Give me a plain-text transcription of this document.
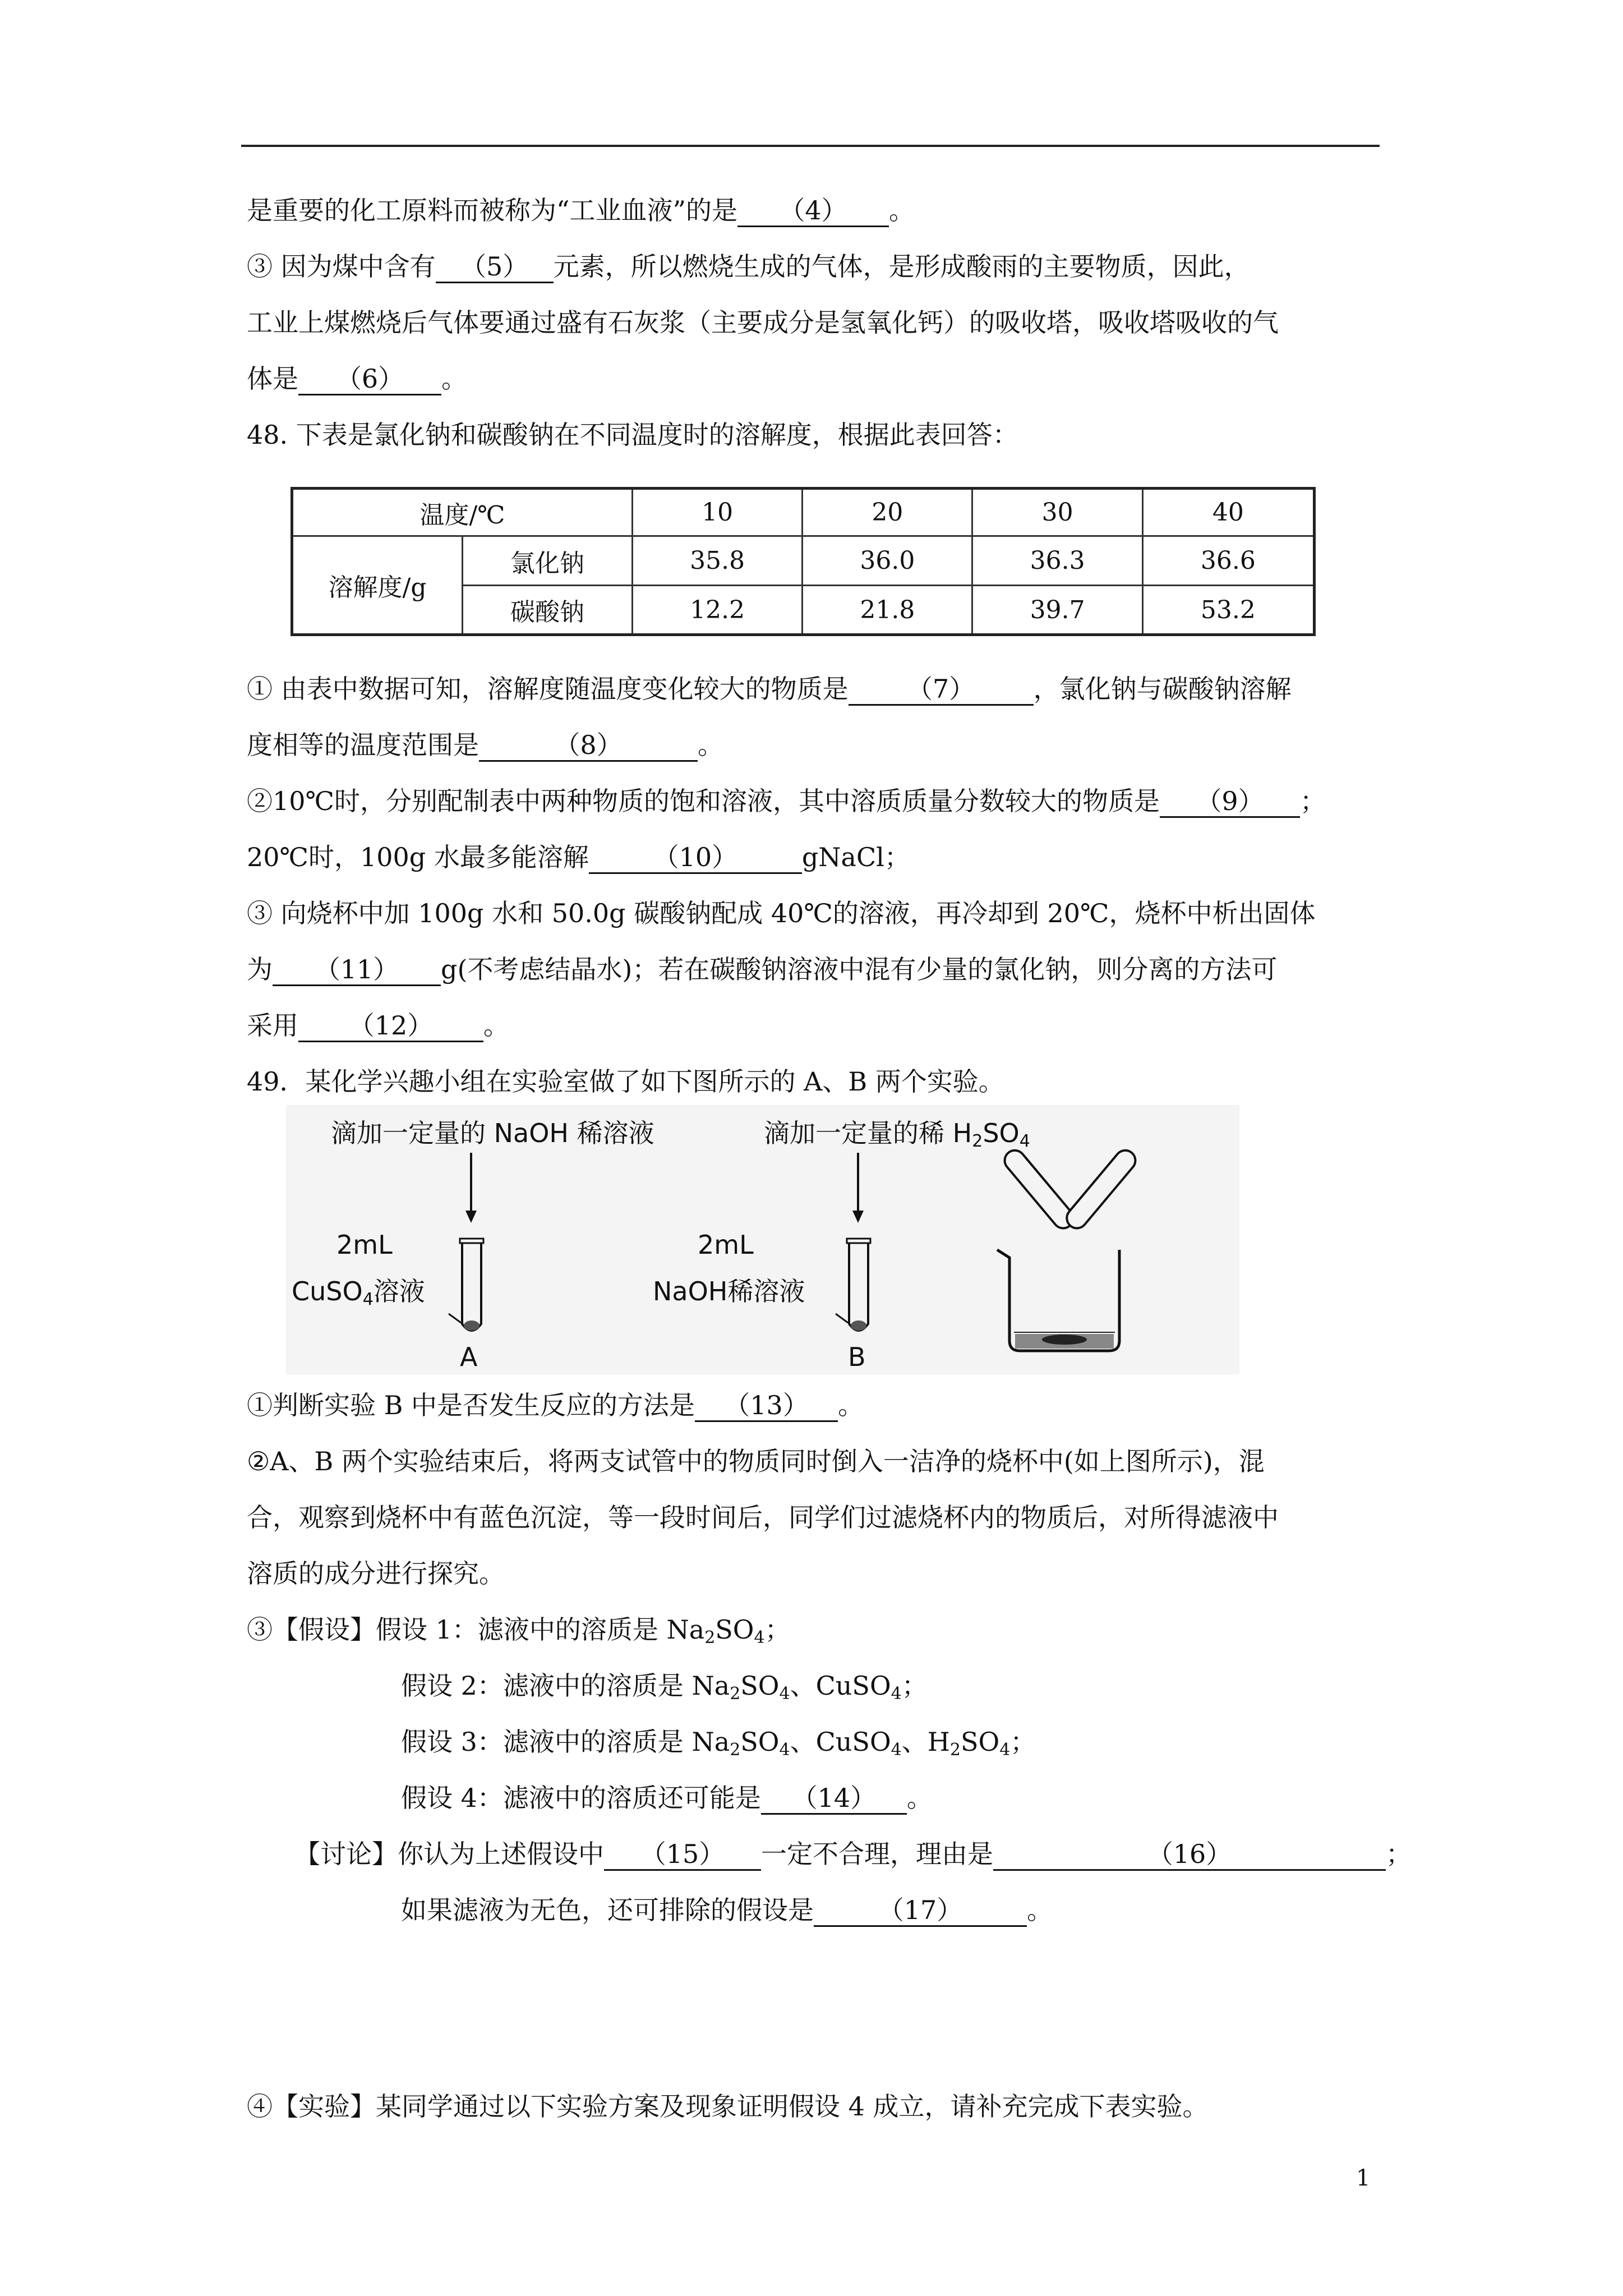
是重要的化工原料而被称为“工业血液”的是 （4） 。
③ 因为煤中含有 （5） 元素，所以燃烧生成的气体，是形成酸雨的主要物质，因此，
工业上煤燃烧后气体要通过盛有石灰浆（主要成分是氢氧化钙）的吸收塔，吸收塔吸收的气
体是 （6） 。
48. 下表是氯化钠和碳酸钠在不同温度时的溶解度，根据此表回答：
温度/℃		10	20	30	40
溶解度/g	氯化钠	35.8	36.0	36.3	36.6
	碳酸钠	12.2	21.8	39.7	53.2
① 由表中数据可知，溶解度随温度变化较大的物质是 （7） ，氯化钠与碳酸钠溶解
度相等的温度范围是	（8）	。
②10℃时，分别配制表中两种物质的饱和溶液，其中溶质质量分数较大的物质是 （9） ；
20℃时，100g 水最多能溶解 （10） gNaCl；
③ 向烧杯中加 100g 水和 50.0g 碳酸钠配成 40℃的溶液，再冷却到 20℃，烧杯中析出固体
为 （11） g(不考虑结晶水)；若在碳酸钠溶液中混有少量的氯化钠，则分离的方法可
采用 （12） 。
49．某化学兴趣小组在实验室做了如下图所示的 A、B 两个实验。
滴加一定量的 NaOH 稀溶液
2mL
CuSO$_4$溶液
A
滴加一定量的稀 $H_2SO_4$
2mL
NaOH稀溶液
B
①判断实验 B 中是否发生反应的方法是 （13） 。
②A、B 两个实验结束后，将两支试管中的物质同时倒入一洁净的烧杯中(如上图所示)，混
合，观察到烧杯中有蓝色沉淀，等一段时间后，同学们过滤烧杯内的物质后，对所得滤液中
溶质的成分进行探究。
③【假设】假设 1：滤液中的溶质是 $Na_2SO_4$；
假设 2：滤液中的溶质是 $Na_2SO_4$、CuSO$_4$；
假设 3：滤液中的溶质是 $Na_2SO_4$、CuSO$_4$、$H_2SO_4$；
假设 4：滤液中的溶质还可能是 （14） 。
【讨论】你认为上述假设中 （15） 一定不合理，理由是	（16）	；
如果滤液为无色，还可排除的假设是 （17） 。
④【实验】某同学通过以下实验方案及现象证明假设 4 成立，请补充完成下表实验。
1
